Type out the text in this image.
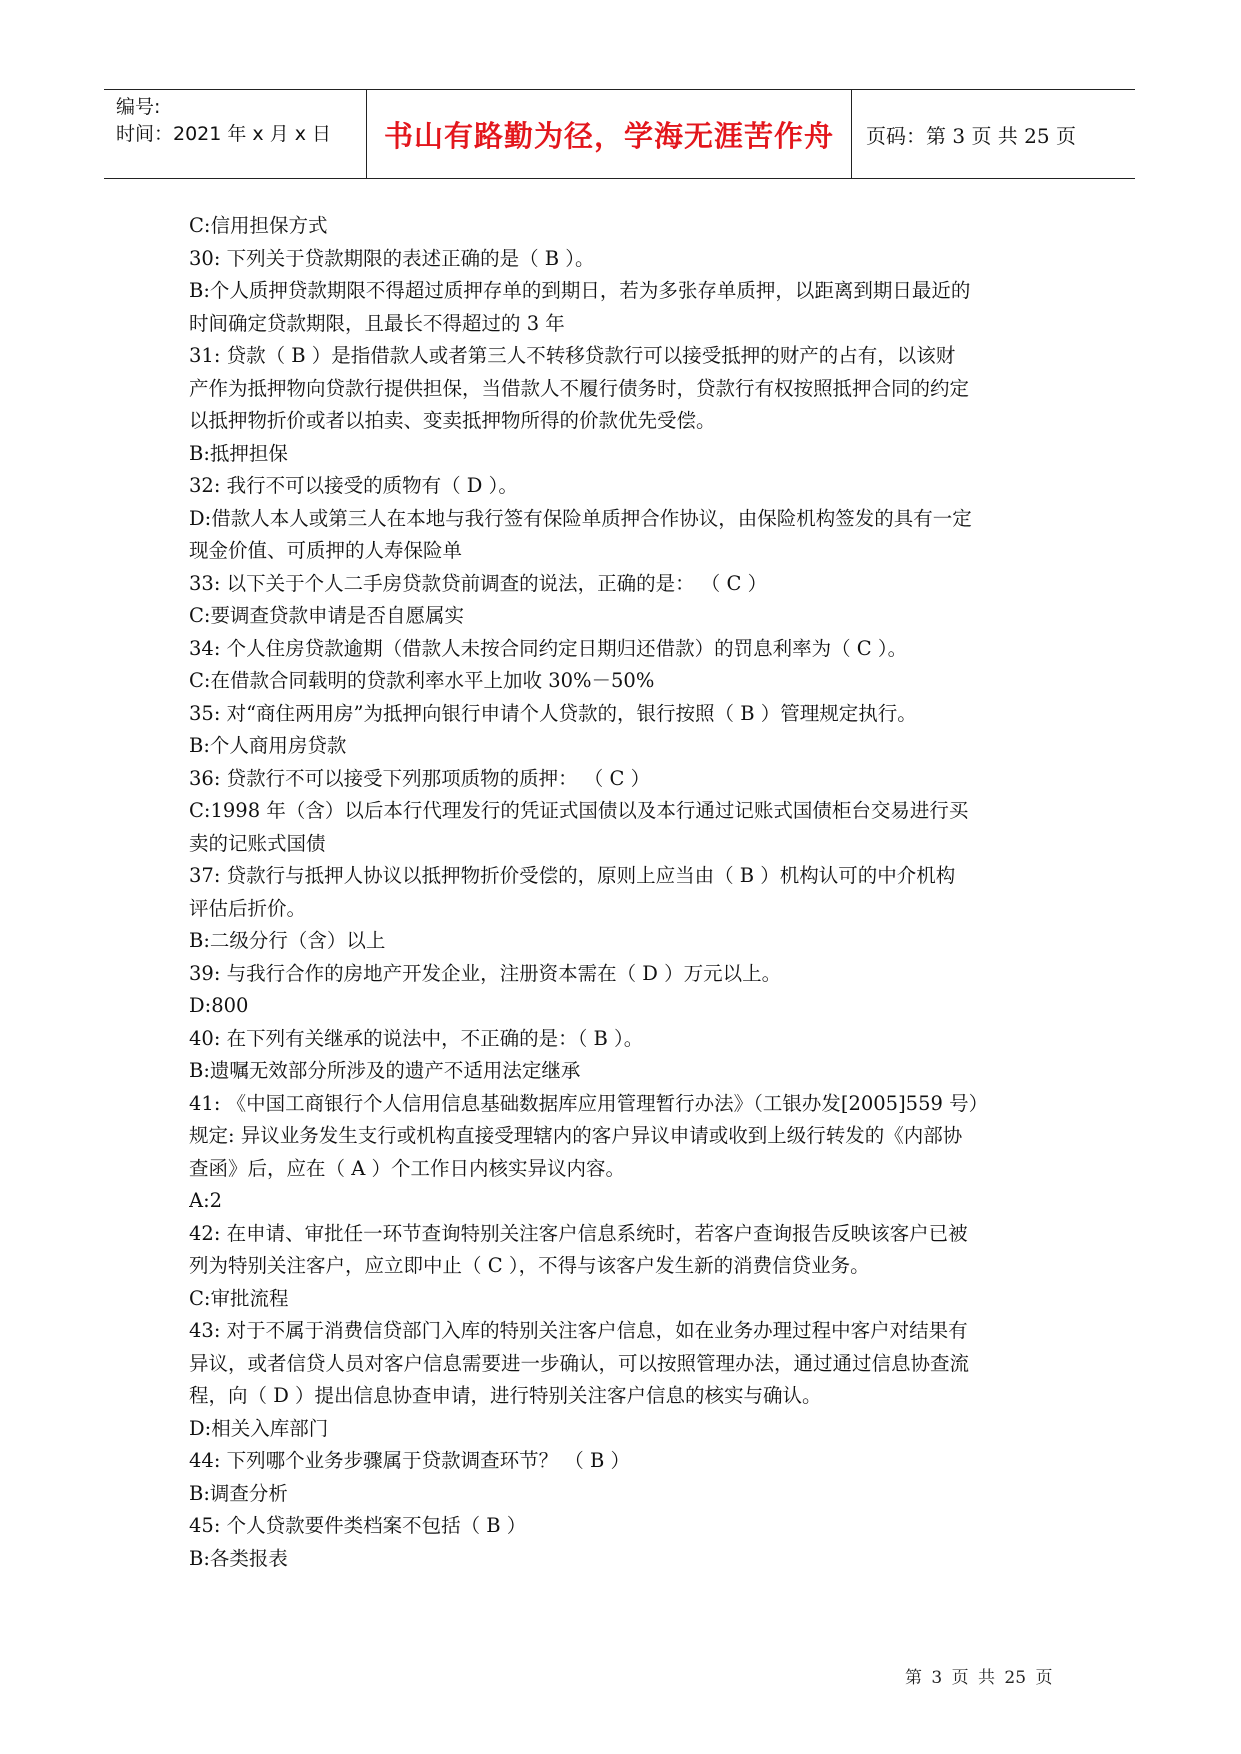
编号:
时间：2021 年 x 月 x 日	书山有路勤为径，学海无涯苦作舟 页码：第 3 页 共 25 页
C:信用担保方式
30: 下列关于贷款期限的表述正确的是（ B ）。
B:个人质押贷款期限不得超过质押存单的到期日，若为多张存单质押，以距离到期日最近的
时间确定贷款期限，且最长不得超过的 3 年
31: 贷款（ B ）是指借款人或者第三人不转移贷款行可以接受抵押的财产的占有，以该财
产作为抵押物向贷款行提供担保，当借款人不履行债务时，贷款行有权按照抵押合同的约定
以抵押物折价或者以拍卖、变卖抵押物所得的价款优先受偿。
B:抵押担保
32: 我行不可以接受的质物有（ D ）。
D:借款人本人或第三人在本地与我行签有保险单质押合作协议，由保险机构签发的具有一定
现金价值、可质押的人寿保险单
33: 以下关于个人二手房贷款贷前调查的说法，正确的是： （ C ）
C:要调查贷款申请是否自愿属实
34: 个人住房贷款逾期（借款人未按合同约定日期归还借款）的罚息利率为（ C ）。
C:在借款合同载明的贷款利率水平上加收 30%－50%
35: 对“商住两用房”为抵押向银行申请个人贷款的，银行按照（ B ）管理规定执行。
B:个人商用房贷款
36: 贷款行不可以接受下列那项质物的质押： （ C ）
C:1998 年（含）以后本行代理发行的凭证式国债以及本行通过记账式国债柜台交易进行买
卖的记账式国债
37: 贷款行与抵押人协议以抵押物折价受偿的，原则上应当由（ B ）机构认可的中介机构
评估后折价。
B:二级分行（含）以上
39: 与我行合作的房地产开发企业，注册资本需在（ D ）万元以上。
D:800
40: 在下列有关继承的说法中，不正确的是：（ B ）。
B:遗嘱无效部分所涉及的遗产不适用法定继承
41: 《中国工商银行个人信用信息基础数据库应用管理暂行办法》（工银办发[2005]559 号）
规定: 异议业务发生支行或机构直接受理辖内的客户异议申请或收到上级行转发的《内部协
查函》后，应在（ A ）个工作日内核实异议内容。
A:2
42: 在申请、审批任一环节查询特别关注客户信息系统时，若客户查询报告反映该客户已被
列为特别关注客户，应立即中止（ C ），不得与该客户发生新的消费信贷业务。
C:审批流程
43: 对于不属于消费信贷部门入库的特别关注客户信息，如在业务办理过程中客户对结果有
异议，或者信贷人员对客户信息需要进一步确认，可以按照管理办法，通过通过信息协查流
程，向（ D ）提出信息协查申请，进行特别关注客户信息的核实与确认。
D:相关入库部门
44: 下列哪个业务步骤属于贷款调查环节？ （ B ）
B:调查分析
45: 个人贷款要件类档案不包括（ B ）
B:各类报表
第 3 页 共 25 页
